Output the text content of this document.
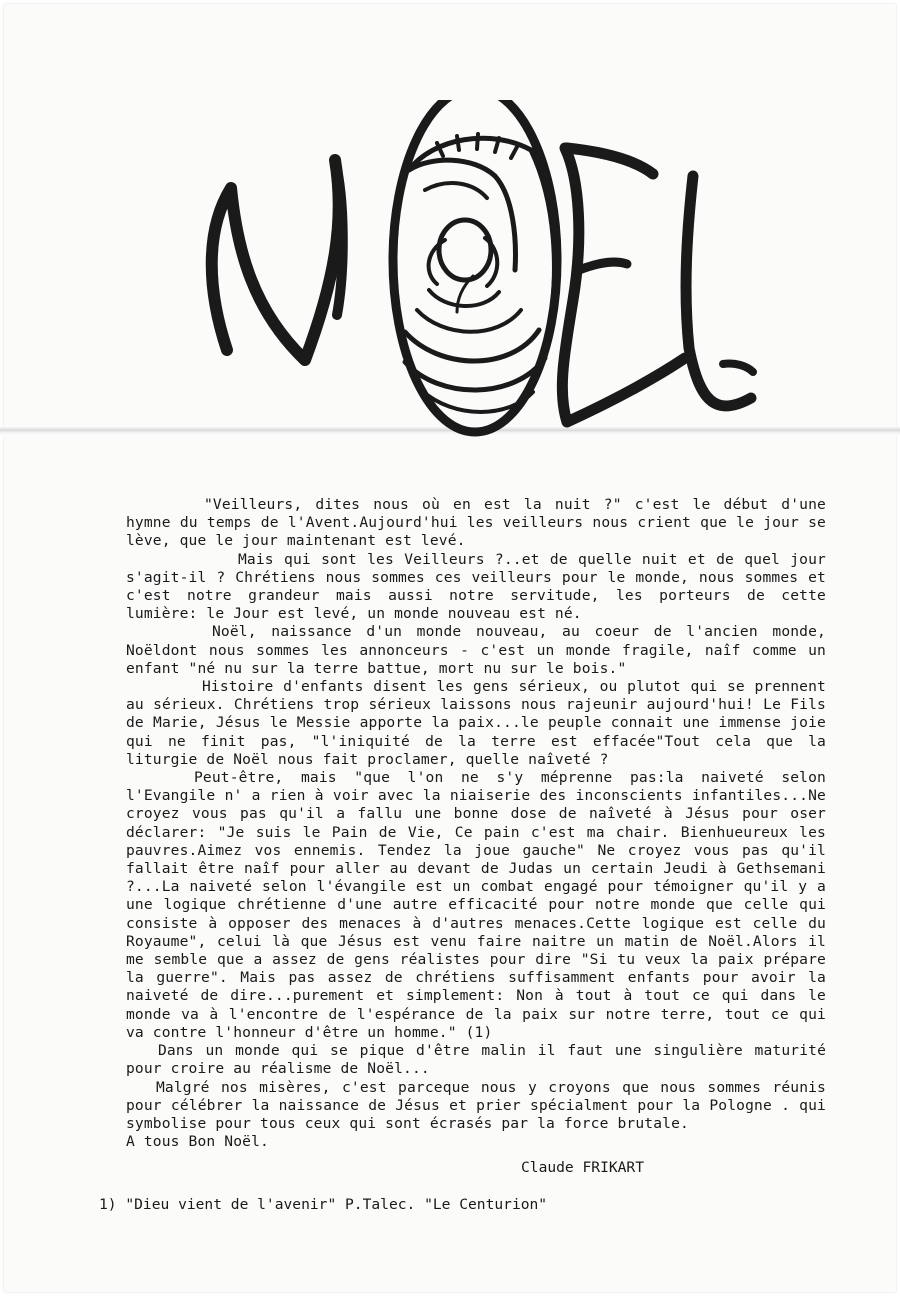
"Veilleurs, dites nous où en est la nuit ?" c'est le début d'une hymne du temps de l'Avent.Aujourd'hui les veilleurs nous crient que le jour se lève, que le jour maintenant est levé.

Mais qui sont les Veilleurs ?..et de quelle nuit et de quel jour s'agit-il ? Chrétiens nous sommes ces veilleurs pour le monde, nous sommes et c'est notre grandeur mais aussi notre servitude, les porteurs de cette lumière: le Jour est levé, un monde nouveau est né.

Noël, naissance d'un monde nouveau, au coeur de l'ancien monde, Noëldont nous sommes les annonceurs - c'est un monde fragile, naîf comme un enfant "né nu sur la terre battue, mort nu sur le bois."

Histoire d'enfants disent les gens sérieux, ou plutot qui se prennent au sérieux. Chrétiens trop sérieux laissons nous rajeunir aujourd'hui! Le Fils de Marie, Jésus le Messie apporte la paix...le peuple connait une immense joie qui ne finit pas, "l'iniquité de la terre est effacée"Tout cela que la liturgie de Noël nous fait proclamer, quelle naîveté ?

Peut-être, mais "que l'on ne s'y méprenne pas:la naiveté selon l'Evangile n' a rien à voir avec la niaiserie des inconscients infantiles...Ne croyez vous pas qu'il a fallu une bonne dose de naîveté à Jésus pour oser déclarer: "Je suis le Pain de Vie, Ce pain c'est ma chair. Bienhueureux les pauvres.Aimez vos ennemis. Tendez la joue gauche" Ne croyez vous pas qu'il fallait être naîf pour aller au devant de Judas un certain Jeudi à Gethsemani ?...La naiveté selon l'évangile est un combat engagé pour témoigner qu'il y a une logique chrétienne d'une autre efficacité pour notre monde que celle qui consiste à opposer des menaces à d'autres menaces.Cette logique est celle du Royaume", celui là que Jésus est venu faire naitre un matin de Noël.Alors il me semble que a assez de gens réalistes pour dire "Si tu veux la paix prépare la guerre". Mais pas assez de chrétiens suffisamment enfants pour avoir la naiveté de dire...purement et simplement: Non à tout à tout ce qui dans le monde va à l'encontre de l'espérance de la paix sur notre terre, tout ce qui va contre l'honneur d'être un homme." (1)

Dans un monde qui se pique d'être malin il faut une singulière maturité pour croire au réalisme de Noël...

Malgré nos misères, c'est parceque nous y croyons que nous sommes réunis pour célébrer la naissance de Jésus et prier spécialment pour la Pologne . qui symbolise pour tous ceux qui sont écrasés par la force brutale.

A tous Bon Noël.

Claude FRIKART
1) "Dieu vient de l'avenir" P.Talec. "Le Centurion"
